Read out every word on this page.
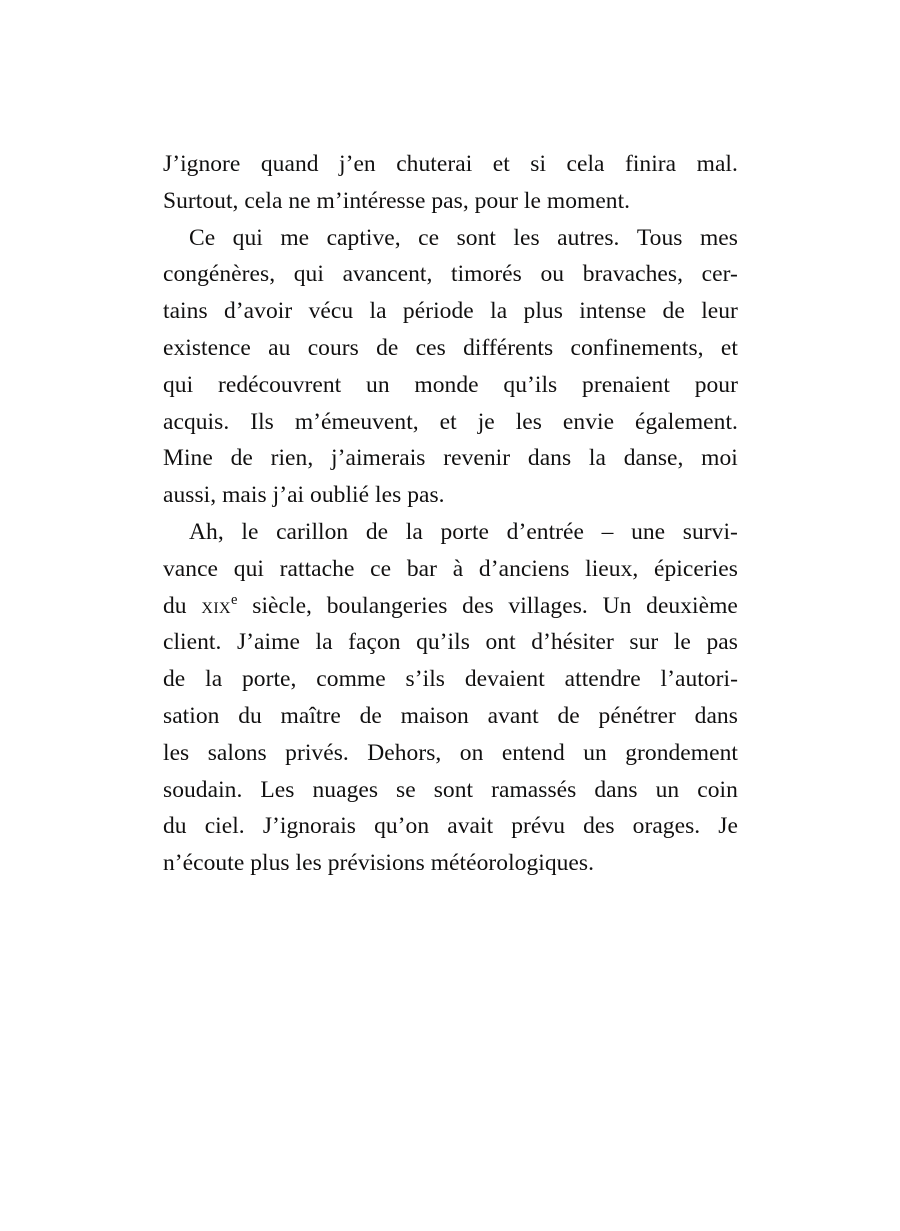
J’ignore quand j’en chuterai et si cela finira mal.
Surtout, cela ne m’intéresse pas, pour le moment.
Ce qui me captive, ce sont les autres. Tous mes
congénères, qui avancent, timorés ou bravaches, cer-
tains d’avoir vécu la période la plus intense de leur
existence au cours de ces différents confinements, et
qui redécouvrent un monde qu’ils prenaient pour
acquis. Ils m’émeuvent, et je les envie également.
Mine de rien, j’aimerais revenir dans la danse, moi
aussi, mais j’ai oublié les pas.
Ah, le carillon de la porte d’entrée – une survi-
vance qui rattache ce bar à d’anciens lieux, épiceries
du xix$^e$ siècle, boulangeries des villages. Un deuxième
client. J’aime la façon qu’ils ont d’hésiter sur le pas
de la porte, comme s’ils devaient attendre l’autori-
sation du maître de maison avant de pénétrer dans
les salons privés. Dehors, on entend un grondement
soudain. Les nuages se sont ramassés dans un coin
du ciel. J’ignorais qu’on avait prévu des orages. Je
n’écoute plus les prévisions météorologiques.
